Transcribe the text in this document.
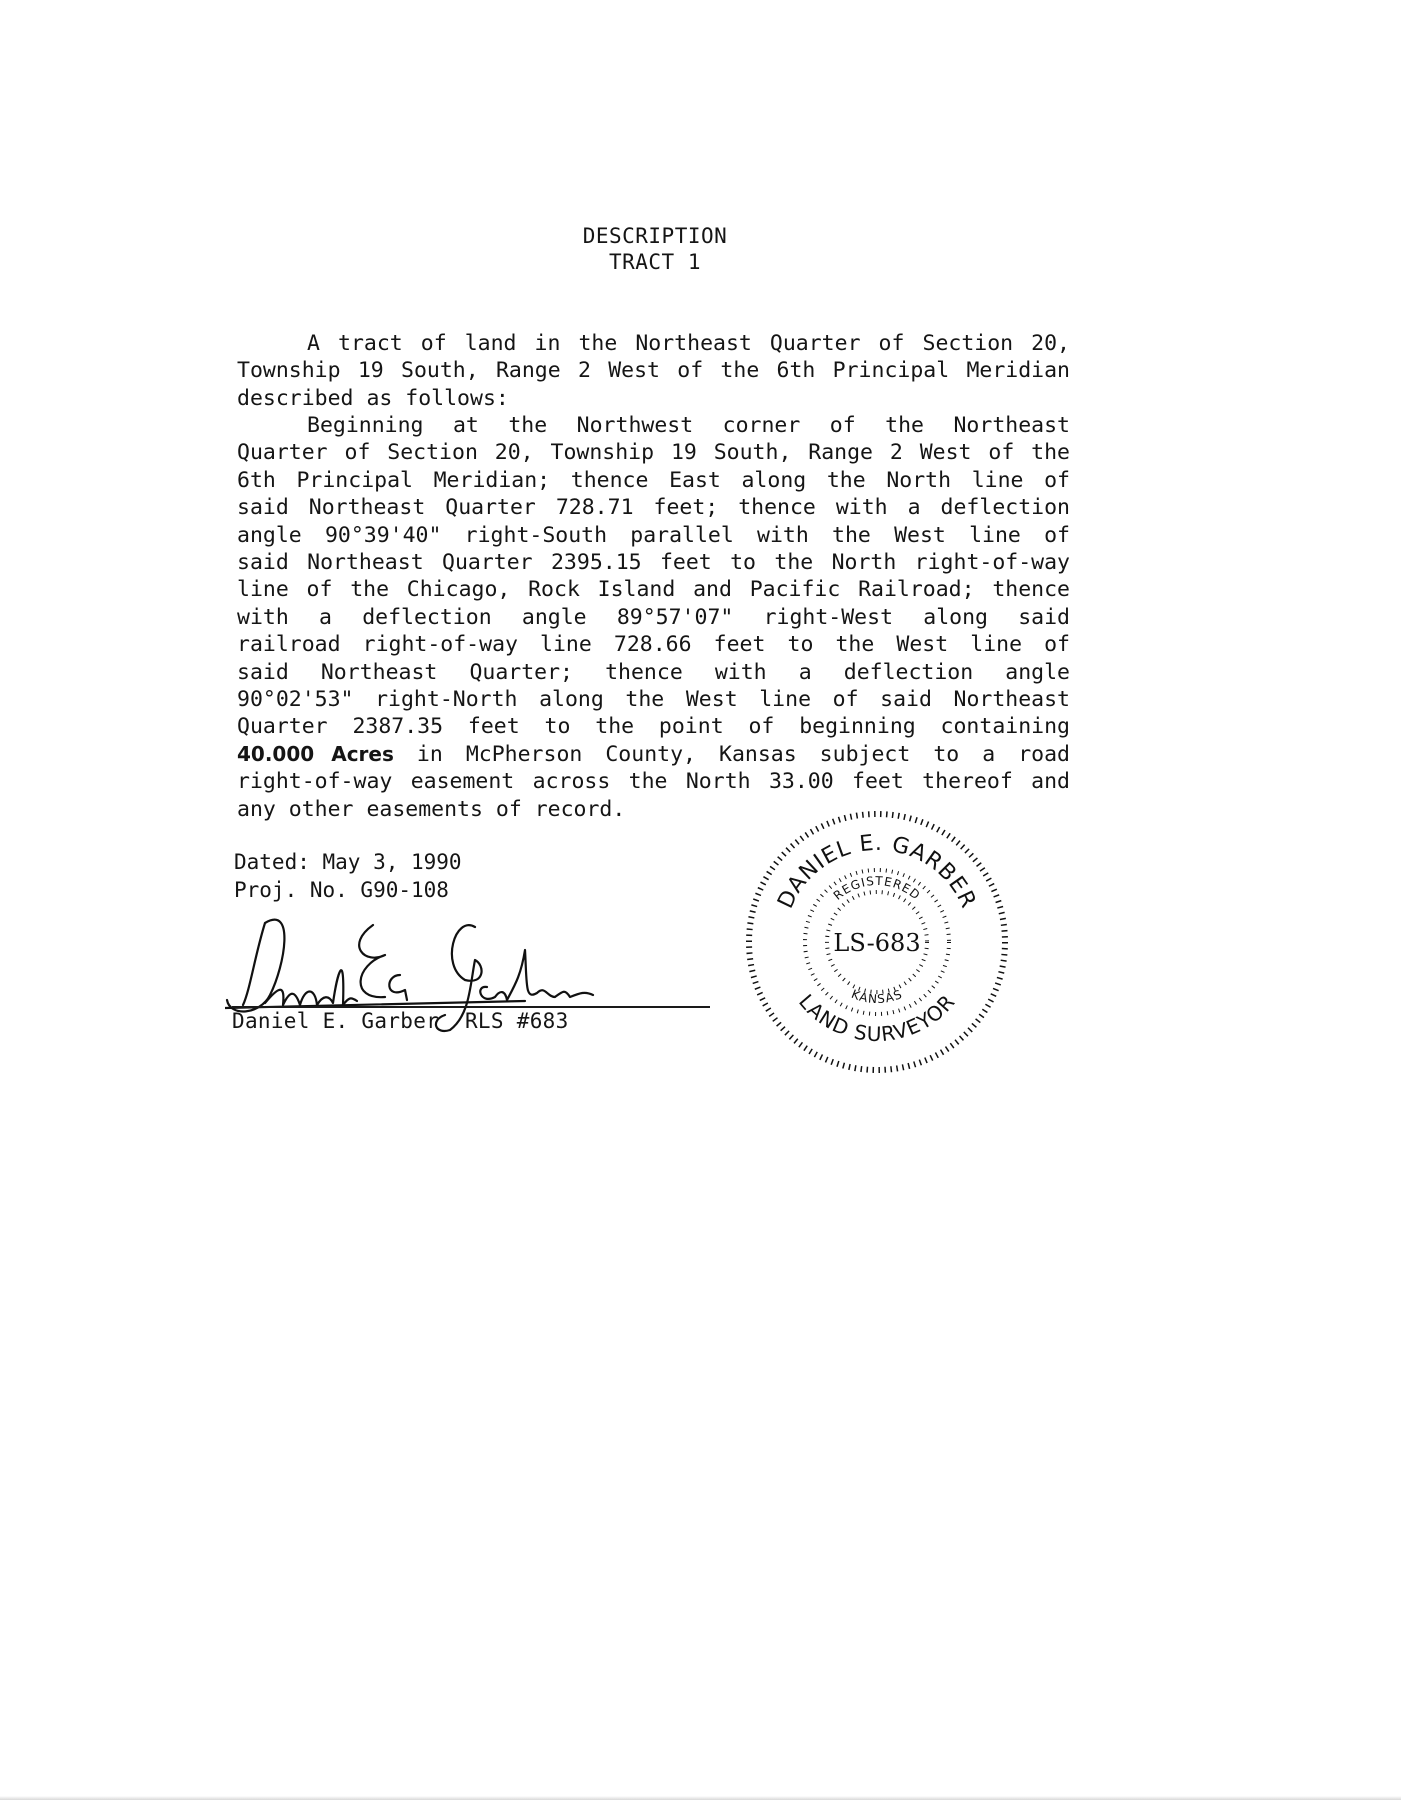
DESCRIPTION
TRACT 1
A tract of land in the Northeast Quarter of Section 20,
Township 19 South, Range 2 West of the 6th Principal Meridian
described as follows:
Beginning at the Northwest corner of the Northeast
Quarter of Section 20, Township 19 South, Range 2 West of the
6th Principal Meridian; thence East along the North line of
said Northeast Quarter 728.71 feet; thence with a deflection
angle 90°39'40" right-South parallel with the West line of
said Northeast Quarter 2395.15 feet to the North right-of-way
line of the Chicago, Rock Island and Pacific Railroad; thence
with a deflection angle 89°57'07" right-West along said
railroad right-of-way line 728.66 feet to the West line of
said Northeast Quarter; thence with a deflection angle
90°02'53" right-North along the West line of said Northeast
Quarter 2387.35 feet to the point of beginning containing
40.000 Acres in McPherson County, Kansas subject to a road
right-of-way easement across the North 33.00 feet thereof and
any other easements of record.
Dated: May 3, 1990
Proj. No. G90-108
Daniel E. Garber  RLS #683
DANIEL E. GARBER
LAND SURVEYOR
REGISTERED
KANSAS
LS-683
